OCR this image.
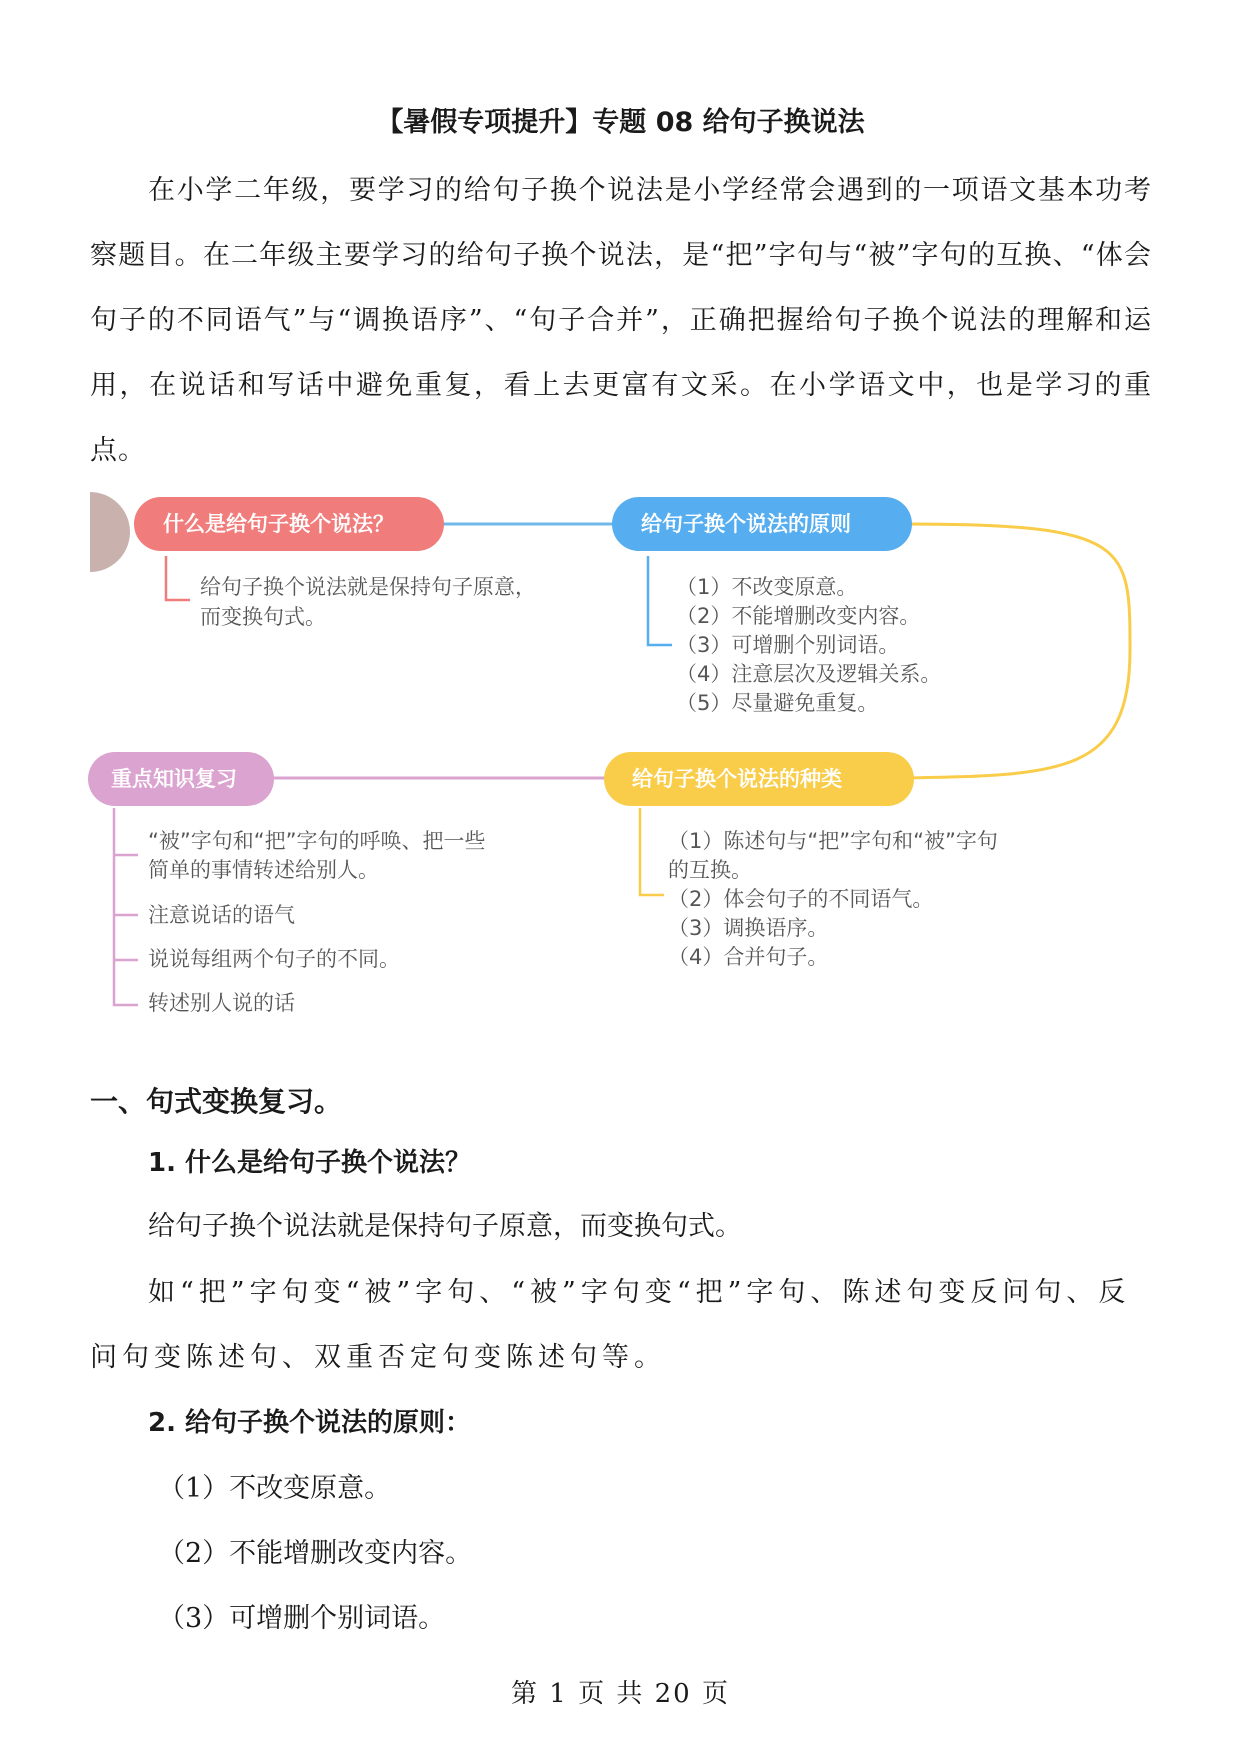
【暑假专项提升】专题 08 给句子换说法
在小学二年级，要学习的给句子换个说法是小学经常会遇到的一项语文基本功考察题目。在二年级主要学习的给句子换个说法，是“把”字句与“被”字句的互换、“体会句子的不同语气”与“调换语序”、“句子合并”，正确把握给句子换个说法的理解和运用，在说话和写话中避免重复，看上去更富有文采。在小学语文中，也是学习的重点。
什么是给句子换个说法？	给句子换个说法的原则
给句子换个说法的种类
重点知识复习
给句子换个说法就是保持句子原意，
而变换句式。
（1）不改变原意。
（2）不能增删改变内容。
（3）可增删个别词语。
（4）注意层次及逻辑关系。
（5）尽量避免重复。
（1）陈述句与“把”字句和“被”字句
的互换。
（2）体会句子的不同语气。
（3）调换语序。
（4）合并句子。
“被”字句和“把”字句的呼唤、把一些
简单的事情转述给别人。
注意说话的语气
说说每组两个句子的不同。
转述别人说的话
一、句式变换复习。
1. 什么是给句子换个说法？
给句子换个说法就是保持句子原意，而变换句式。
如“把”字句变“被”字句、“被”字句变“把”字句、陈述句变反问句、反问句变陈述句、双重否定句变陈述句等。
2. 给句子换个说法的原则：
（1）不改变原意。
（2）不能增删改变内容。
（3）可增删个别词语。
第 1 页 共 20 页
